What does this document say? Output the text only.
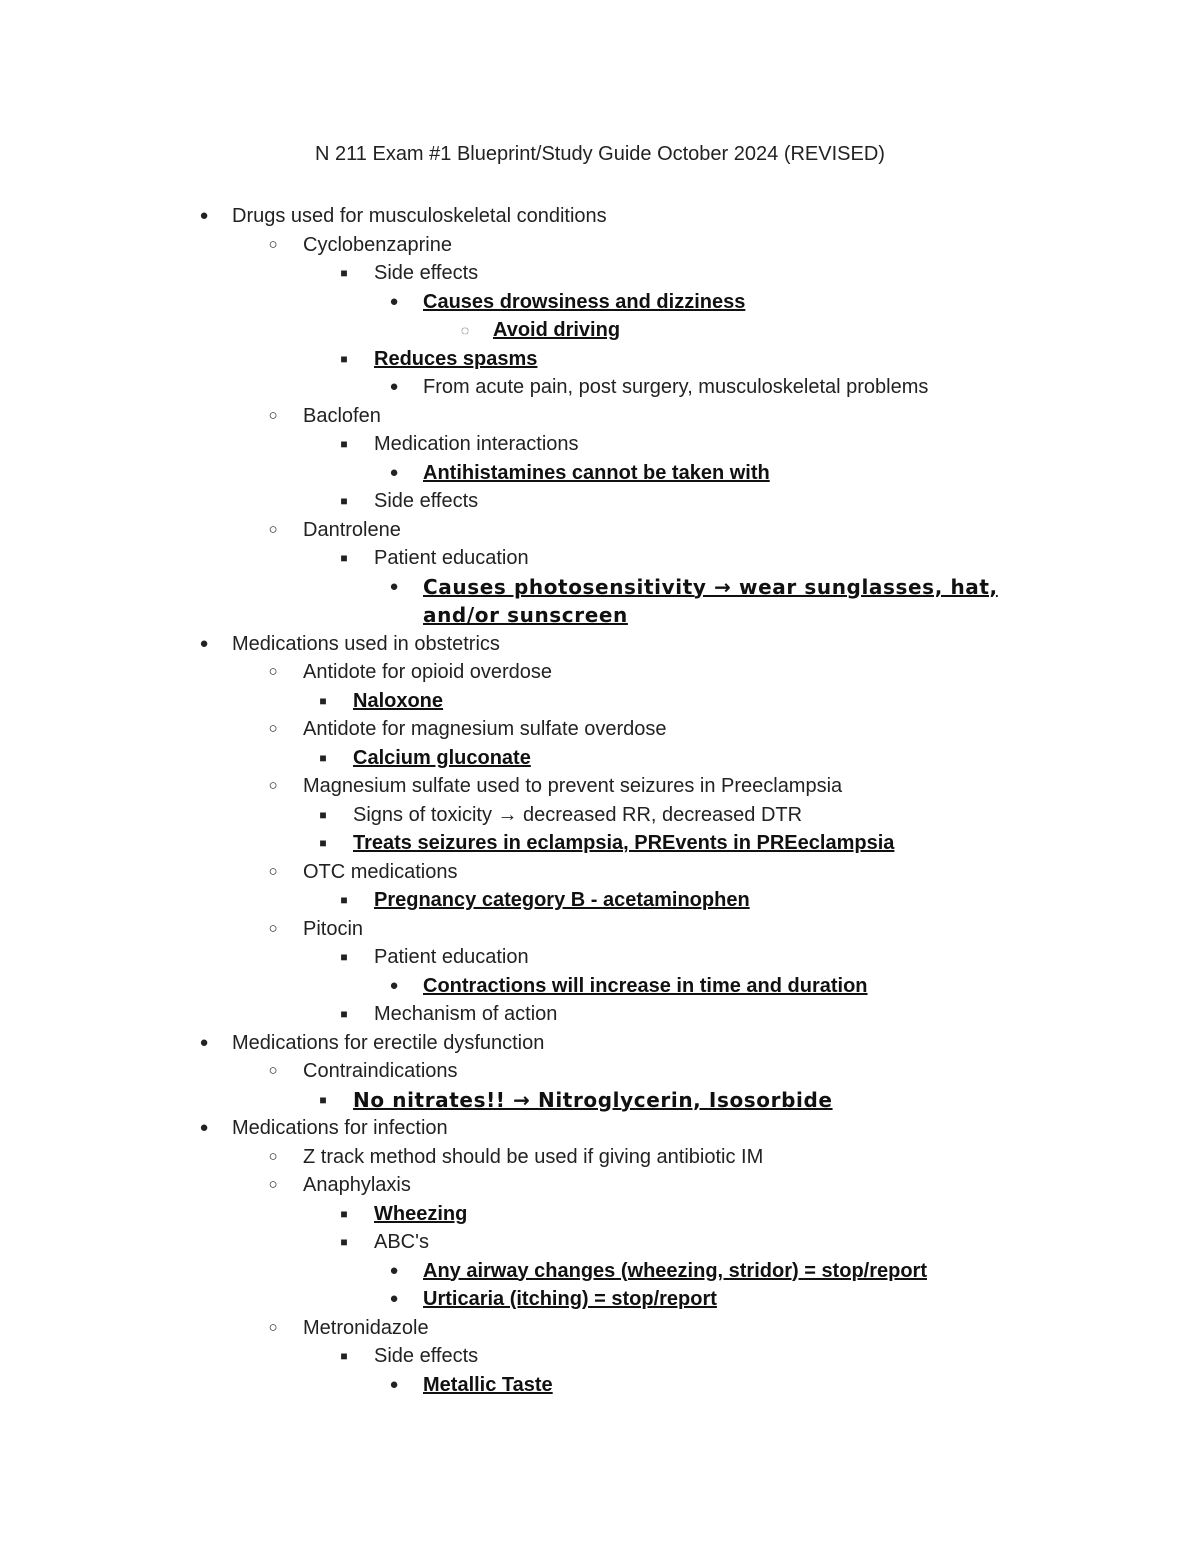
N 211 Exam #1 Blueprint/Study Guide October 2024 (REVISED)
● Drugs used for musculoskeletal conditions
○ Cyclobenzaprine
■	Side effects
● Causes drowsiness and dizziness
◌ Avoid driving
■	Reduces spasms
● From acute pain, post surgery, musculoskeletal problems
○ Baclofen
■	Medication interactions
● Antihistamines cannot be taken with
■	Side effects
○ Dantrolene
■	Patient education
● Causes photosensitivity → wear sunglasses, hat, and/or sunscreen
● Medications used in obstetrics
○ Antidote for opioid overdose
■	Naloxone
○ Antidote for magnesium sulfate overdose
■	Calcium gluconate
○ Magnesium sulfate used to prevent seizures in Preeclampsia
■	Signs of toxicity → decreased RR, decreased DTR
■	Treats seizures in eclampsia, PREvents in PREeclampsia
○ OTC medications
■	Pregnancy category B - acetaminophen
○ Pitocin
■	Patient education
● Contractions will increase in time and duration
■	Mechanism of action
● Medications for erectile dysfunction
○ Contraindications
■	No nitrates!! → Nitroglycerin, Isosorbide
● Medications for infection
○ Z track method should be used if giving antibiotic IM
○ Anaphylaxis
■	Wheezing
■	ABC's
● Any airway changes (wheezing, stridor) = stop/report
● Urticaria (itching) = stop/report
○ Metronidazole
■	Side effects
● Metallic Taste
